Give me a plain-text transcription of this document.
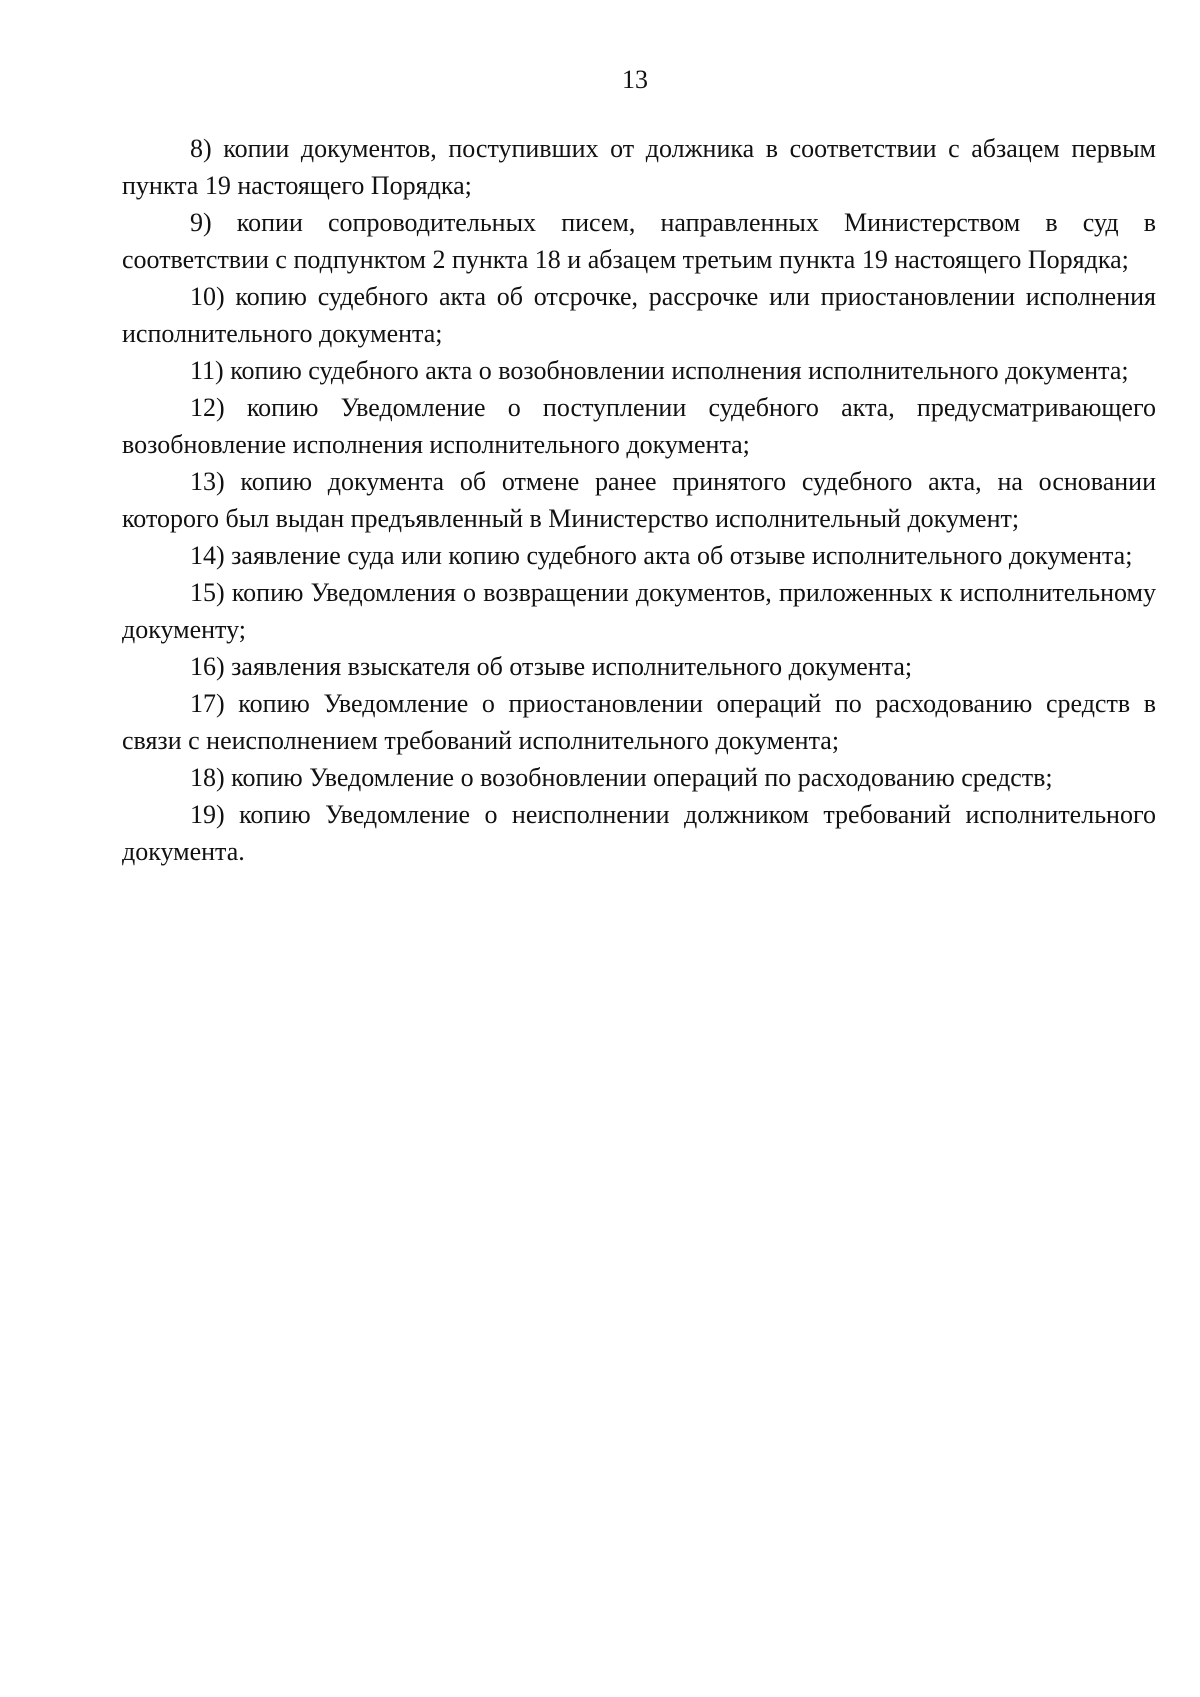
13

8) копии документов, поступивших от должника в соответствии с абзацем первым пункта 19 настоящего Порядка;

9) копии сопроводительных писем, направленных Министерством в суд в соответствии с подпунктом 2 пункта 18 и абзацем третьим пункта 19 настоящего Порядка;

10) копию судебного акта об отсрочке, рассрочке или приостановлении исполнения исполнительного документа;

11) копию судебного акта о возобновлении исполнения исполнительного документа;

12) копию Уведомление о поступлении судебного акта, предусматривающего возобновление исполнения исполнительного документа;

13) копию документа об отмене ранее принятого судебного акта, на основании которого был выдан предъявленный в Министерство исполнительный документ;

14) заявление суда или копию судебного акта об отзыве исполнительного документа;

15) копию Уведомления о возвращении документов, приложенных к исполнительному документу;

16) заявления взыскателя об отзыве исполнительного документа;

17) копию Уведомление о приостановлении операций по расходованию средств в связи с неисполнением требований исполнительного документа;

18) копию Уведомление о возобновлении операций по расходованию средств;

19) копию Уведомление о неисполнении должником требований исполнительного документа.
